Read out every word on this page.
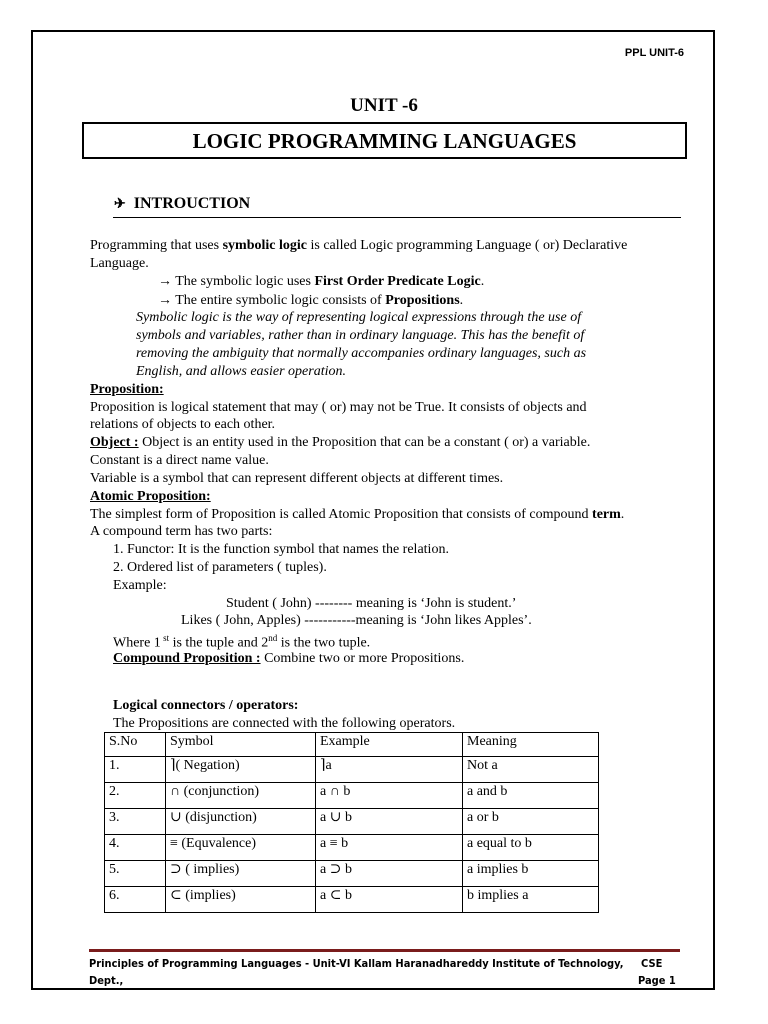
PPL UNIT-6
UNIT -6
LOGIC PROGRAMMING LANGUAGES
✈ INTROUCTION
Programming that uses symbolic logic is called Logic programming Language ( or) Declarative
Language.
→ The symbolic logic uses First Order Predicate Logic.
→ The entire symbolic logic consists of Propositions.
Symbolic logic is the way of representing logical expressions through the use of
symbols and variables, rather than in ordinary language. This has the benefit of
removing the ambiguity that normally accompanies ordinary languages, such as
English, and allows easier operation.
Proposition:
Proposition is logical statement that may ( or) may not be True. It consists of objects and
relations of objects to each other.
Object : Object is an entity used in the Proposition that can be a constant ( or) a variable.
Constant is a direct name value.
Variable is a symbol that can represent different objects at different times.
Atomic Proposition:
The simplest form of Proposition is called Atomic Proposition that consists of compound term.
A compound term has two parts:
1. Functor: It is the function symbol that names the relation.
2. Ordered list of parameters ( tuples).
Example:
Student ( John) -------- meaning is ‘John is student.’
Likes ( John, Apples) -----------meaning is ‘John likes Apples’.
Where 1 $^{st}$ is the tuple and 2nd is the two tuple.
Compound Proposition : Combine two or more Propositions.
Logical connectors / operators:
The Propositions are connected with the following operators.
S.No	Symbol	Example	Meaning
1.	⌉( Negation)	⌉a	Not a
2.	∩ (conjunction)	a ∩ b	a and b
3.	∪ (disjunction)	a ∪ b	a or b
4.	≡ (Equvalence)	a ≡ b	a equal to b
5.	⊃ ( implies)	a ⊃ b	a implies b
6.	⊂ (implies)	a ⊂ b	b implies a
Principles of Programming Languages - Unit-VI Kallam Haranadhareddy Institute of Technology,
Dept.,
CSE
Page 1
